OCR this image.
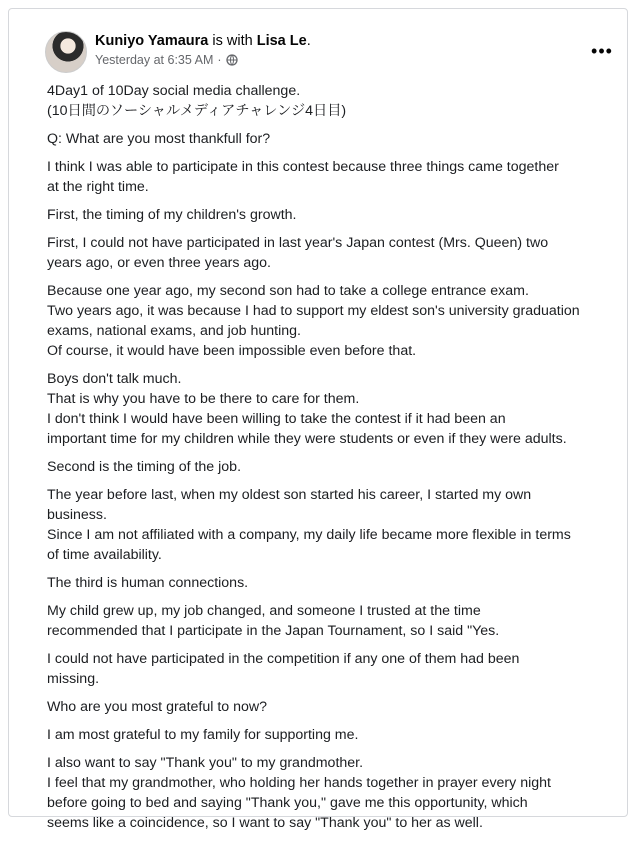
Kuniyo Yamaura is with Lisa Le.
Yesterday at 6:35 AM ·	•••

4Day1 of 10Day social media challenge.
(10日間のソーシャルメディアチャレンジ4日目)

Q: What are you most thankfull for?

I think I was able to participate in this contest because three things came together
at the right time.

First, the timing of my children's growth.

First, I could not have participated in last year's Japan contest (Mrs. Queen) two
years ago, or even three years ago.

Because one year ago, my second son had to take a college entrance exam.
Two years ago, it was because I had to support my eldest son's university graduation
exams, national exams, and job hunting.
Of course, it would have been impossible even before that.

Boys don't talk much.
That is why you have to be there to care for them.
I don't think I would have been willing to take the contest if it had been an
important time for my children while they were students or even if they were adults.

Second is the timing of the job.

The year before last, when my oldest son started his career, I started my own
business.
Since I am not affiliated with a company, my daily life became more flexible in terms
of time availability.

The third is human connections.

My child grew up, my job changed, and someone I trusted at the time
recommended that I participate in the Japan Tournament, so I said "Yes.

I could not have participated in the competition if any one of them had been
missing.

Who are you most grateful to now?

I am most grateful to my family for supporting me.

I also want to say "Thank you" to my grandmother.
I feel that my grandmother, who holding her hands together in prayer every night
before going to bed and saying "Thank you," gave me this opportunity, which
seems like a coincidence, so I want to say "Thank you" to her as well.
